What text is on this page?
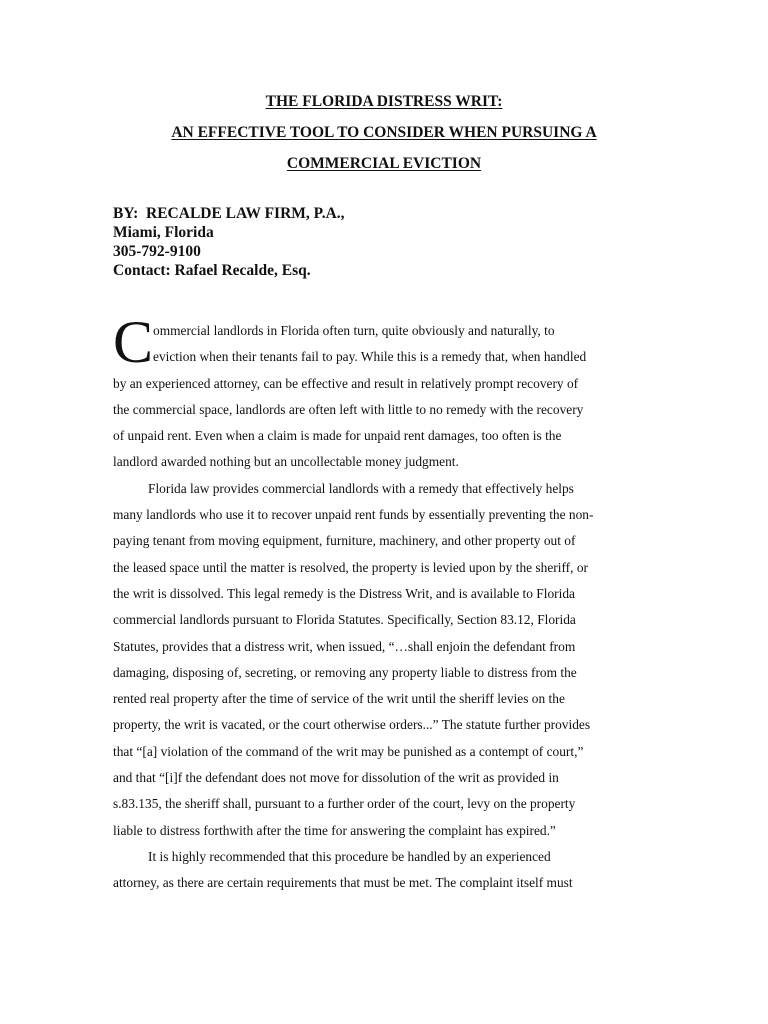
THE FLORIDA DISTRESS WRIT:
AN EFFECTIVE TOOL TO CONSIDER WHEN PURSUING A
COMMERCIAL EVICTION
BY:  RECALDE LAW FIRM, P.A.,
Miami, Florida
305-792-9100
Contact: Rafael Recalde, Esq.
C ommercial landlords in Florida often turn, quite obviously and naturally, to
eviction when their tenants fail to pay. While this is a remedy that, when handled
by an experienced attorney, can be effective and result in relatively prompt recovery of
the commercial space, landlords are often left with little to no remedy with the recovery
of unpaid rent. Even when a claim is made for unpaid rent damages, too often is the
landlord awarded nothing but an uncollectable money judgment.
Florida law provides commercial landlords with a remedy that effectively helps
many landlords who use it to recover unpaid rent funds by essentially preventing the non-
paying tenant from moving equipment, furniture, machinery, and other property out of
the leased space until the matter is resolved, the property is levied upon by the sheriff, or
the writ is dissolved. This legal remedy is the Distress Writ, and is available to Florida
commercial landlords pursuant to Florida Statutes. Specifically, Section 83.12, Florida
Statutes, provides that a distress writ, when issued, “…shall enjoin the defendant from
damaging, disposing of, secreting, or removing any property liable to distress from the
rented real property after the time of service of the writ until the sheriff levies on the
property, the writ is vacated, or the court otherwise orders...” The statute further provides
that “[a] violation of the command of the writ may be punished as a contempt of court,”
and that “[i]f the defendant does not move for dissolution of the writ as provided in
s.83.135, the sheriff shall, pursuant to a further order of the court, levy on the property
liable to distress forthwith after the time for answering the complaint has expired.”
It is highly recommended that this procedure be handled by an experienced
attorney, as there are certain requirements that must be met. The complaint itself must
